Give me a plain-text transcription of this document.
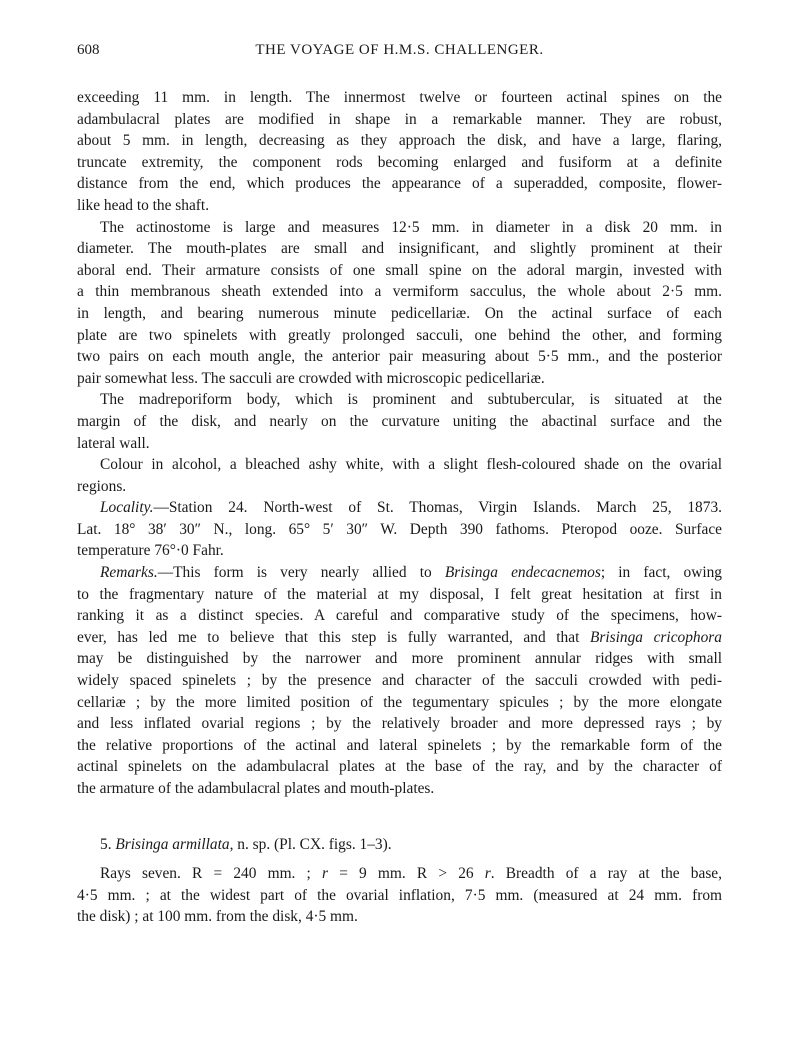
608	THE VOYAGE OF H.M.S. CHALLENGER.
exceeding 11 mm. in length. The innermost twelve or fourteen actinal spines on the
adambulacral plates are modified in shape in a remarkable manner. They are robust,
about 5 mm. in length, decreasing as they approach the disk, and have a large, flaring,
truncate extremity, the component rods becoming enlarged and fusiform at a definite
distance from the end, which produces the appearance of a superadded, composite, flower-
like head to the shaft.
The actinostome is large and measures 12·5 mm. in diameter in a disk 20 mm. in
diameter. The mouth-plates are small and insignificant, and slightly prominent at their
aboral end. Their armature consists of one small spine on the adoral margin, invested with
a thin membranous sheath extended into a vermiform sacculus, the whole about 2·5 mm.
in length, and bearing numerous minute pedicellariæ. On the actinal surface of each
plate are two spinelets with greatly prolonged sacculi, one behind the other, and forming
two pairs on each mouth angle, the anterior pair measuring about 5·5 mm., and the posterior
pair somewhat less. The sacculi are crowded with microscopic pedicellariæ.
The madreporiform body, which is prominent and subtubercular, is situated at the
margin of the disk, and nearly on the curvature uniting the abactinal surface and the
lateral wall.
Colour in alcohol, a bleached ashy white, with a slight flesh-coloured shade on the ovarial
regions.
Locality.—Station 24. North-west of St. Thomas, Virgin Islands. March 25, 1873.
Lat. 18° 38′ 30″ N., long. 65° 5′ 30″ W. Depth 390 fathoms. Pteropod ooze. Surface
temperature 76°·0 Fahr.
Remarks.—This form is very nearly allied to Brisinga endecacnemos; in fact, owing
to the fragmentary nature of the material at my disposal, I felt great hesitation at first in
ranking it as a distinct species. A careful and comparative study of the specimens, how-
ever, has led me to believe that this step is fully warranted, and that Brisinga cricophora
may be distinguished by the narrower and more prominent annular ridges with small
widely spaced spinelets ; by the presence and character of the sacculi crowded with pedi-
cellariæ ; by the more limited position of the tegumentary spicules ; by the more elongate
and less inflated ovarial regions ; by the relatively broader and more depressed rays ; by
the relative proportions of the actinal and lateral spinelets ; by the remarkable form of the
actinal spinelets on the adambulacral plates at the base of the ray, and by the character of
the armature of the adambulacral plates and mouth-plates.
5. Brisinga armillata, n. sp. (Pl. CX. figs. 1–3).
Rays seven. R = 240 mm. ; r = 9 mm. R > 26 r. Breadth of a ray at the base,
4·5 mm. ; at the widest part of the ovarial inflation, 7·5 mm. (measured at 24 mm. from
the disk) ; at 100 mm. from the disk, 4·5 mm.
